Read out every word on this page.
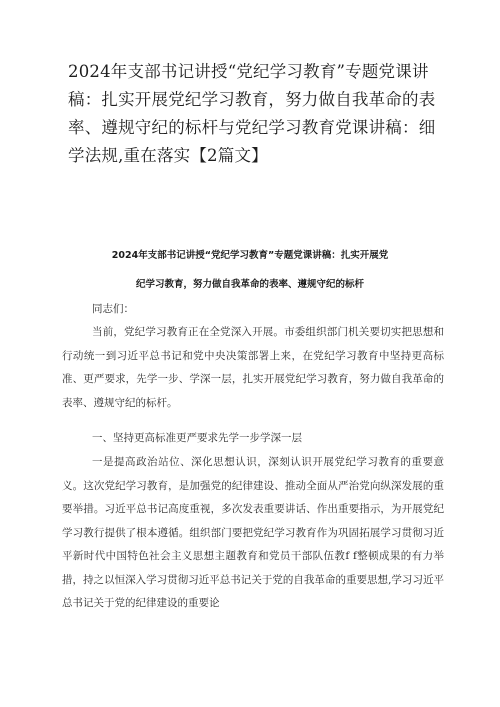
2024年支部书记讲授“党纪学习教育”专题党课讲稿：扎实开展党纪学习教育，努力做自我革命的表率、遵规守纪的标杆与党纪学习教育党课讲稿：细学法规,重在落实【2篇文】
2024年支部书记讲授“党纪学习教育”专题党课讲稿：扎实开展党
纪学习教育，努力做自我革命的表率、遵规守纪的标杆

同志们：

当前，党纪学习教育正在全党深入开展。市委组织部门机关要切实把思想和行动统一到习近平总书记和党中央决策部署上来，在党纪学习教育中坚持更高标准、更严要求，先学一步、学深一层，扎实开展党纪学习教育，努力做自我革命的表率、遵规守纪的标杆。

一、坚持更高标准更严要求先学一步学深一层

一是提高政治站位、深化思想认识，深刻认识开展党纪学习教育的重要意义。这次党纪学习教育，是加强党的纪律建设、推动全面从严治党向纵深发展的重要举措。习近平总书记高度重视，多次发表重要讲话、作出重要指示，为开展党纪学习教行提供了根本遵循。组织部门要把党纪学习教育作为巩固拓展学习贯彻习近平新时代中国特色社会主义思想主题教育和党员干部队伍教f f整顿成果的有力举措，持之以恒深入学习贯彻习近平总书记关于党的自我革命的重要思想,学习习近平总书记关于党的纪律建设的重要论
